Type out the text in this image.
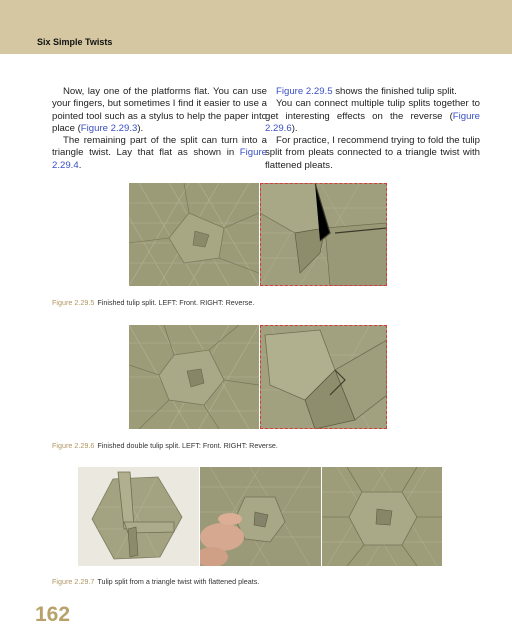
Six Simple Twists

Now, lay one of the platforms flat. You can use your fingers, but sometimes I find it easier to use a pointed tool such as a stylus to help the paper into place (Figure 2.29.3).

The remaining part of the split can turn into a triangle twist. Lay that flat as shown in Figure 2.29.4.

Figure 2.29.5 shows the finished tulip split.

You can connect multiple tulip splits together to get interesting effects on the reverse (Figure 2.29.6).

For practice, I recommend trying to fold the tulip split from pleats connected to a triangle twist with flattened pleats.

Figure 2.29.5 Finished tulip split. LEFT: Front. RIGHT: Reverse.
Figure 2.29.6 Finished double tulip split. LEFT: Front. RIGHT: Reverse.
Figure 2.29.7 Tulip split from a triangle twist with flattened pleats.
162
